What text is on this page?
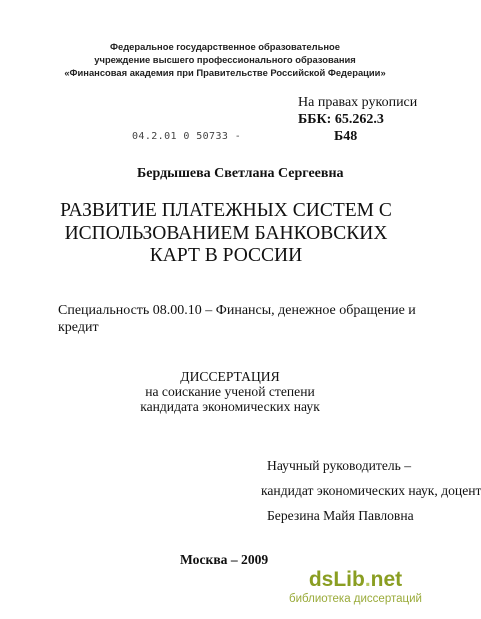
Федеральное государственное образовательное
учреждение высшего профессионального образования
«Финансовая академия при Правительстве Российской Федерации»
На правах рукописи
ББК: 65.262.3
Б48
04.2.01 0 50733 -
Бердышева Светлана Сергеевна
РАЗВИТИЕ ПЛАТЕЖНЫХ СИСТЕМ С
ИСПОЛЬЗОВАНИЕМ БАНКОВСКИХ
КАРТ В РОССИИ
Специальность 08.00.10 – Финансы, денежное обращение и
кредит
ДИССЕРТАЦИЯ
на соискание ученой степени
кандидата экономических наук
Научный руководитель –
кандидат экономических наук, доцент
Березина Майя Павловна
Москва – 2009
dsLib.net
библиотека диссертаций
